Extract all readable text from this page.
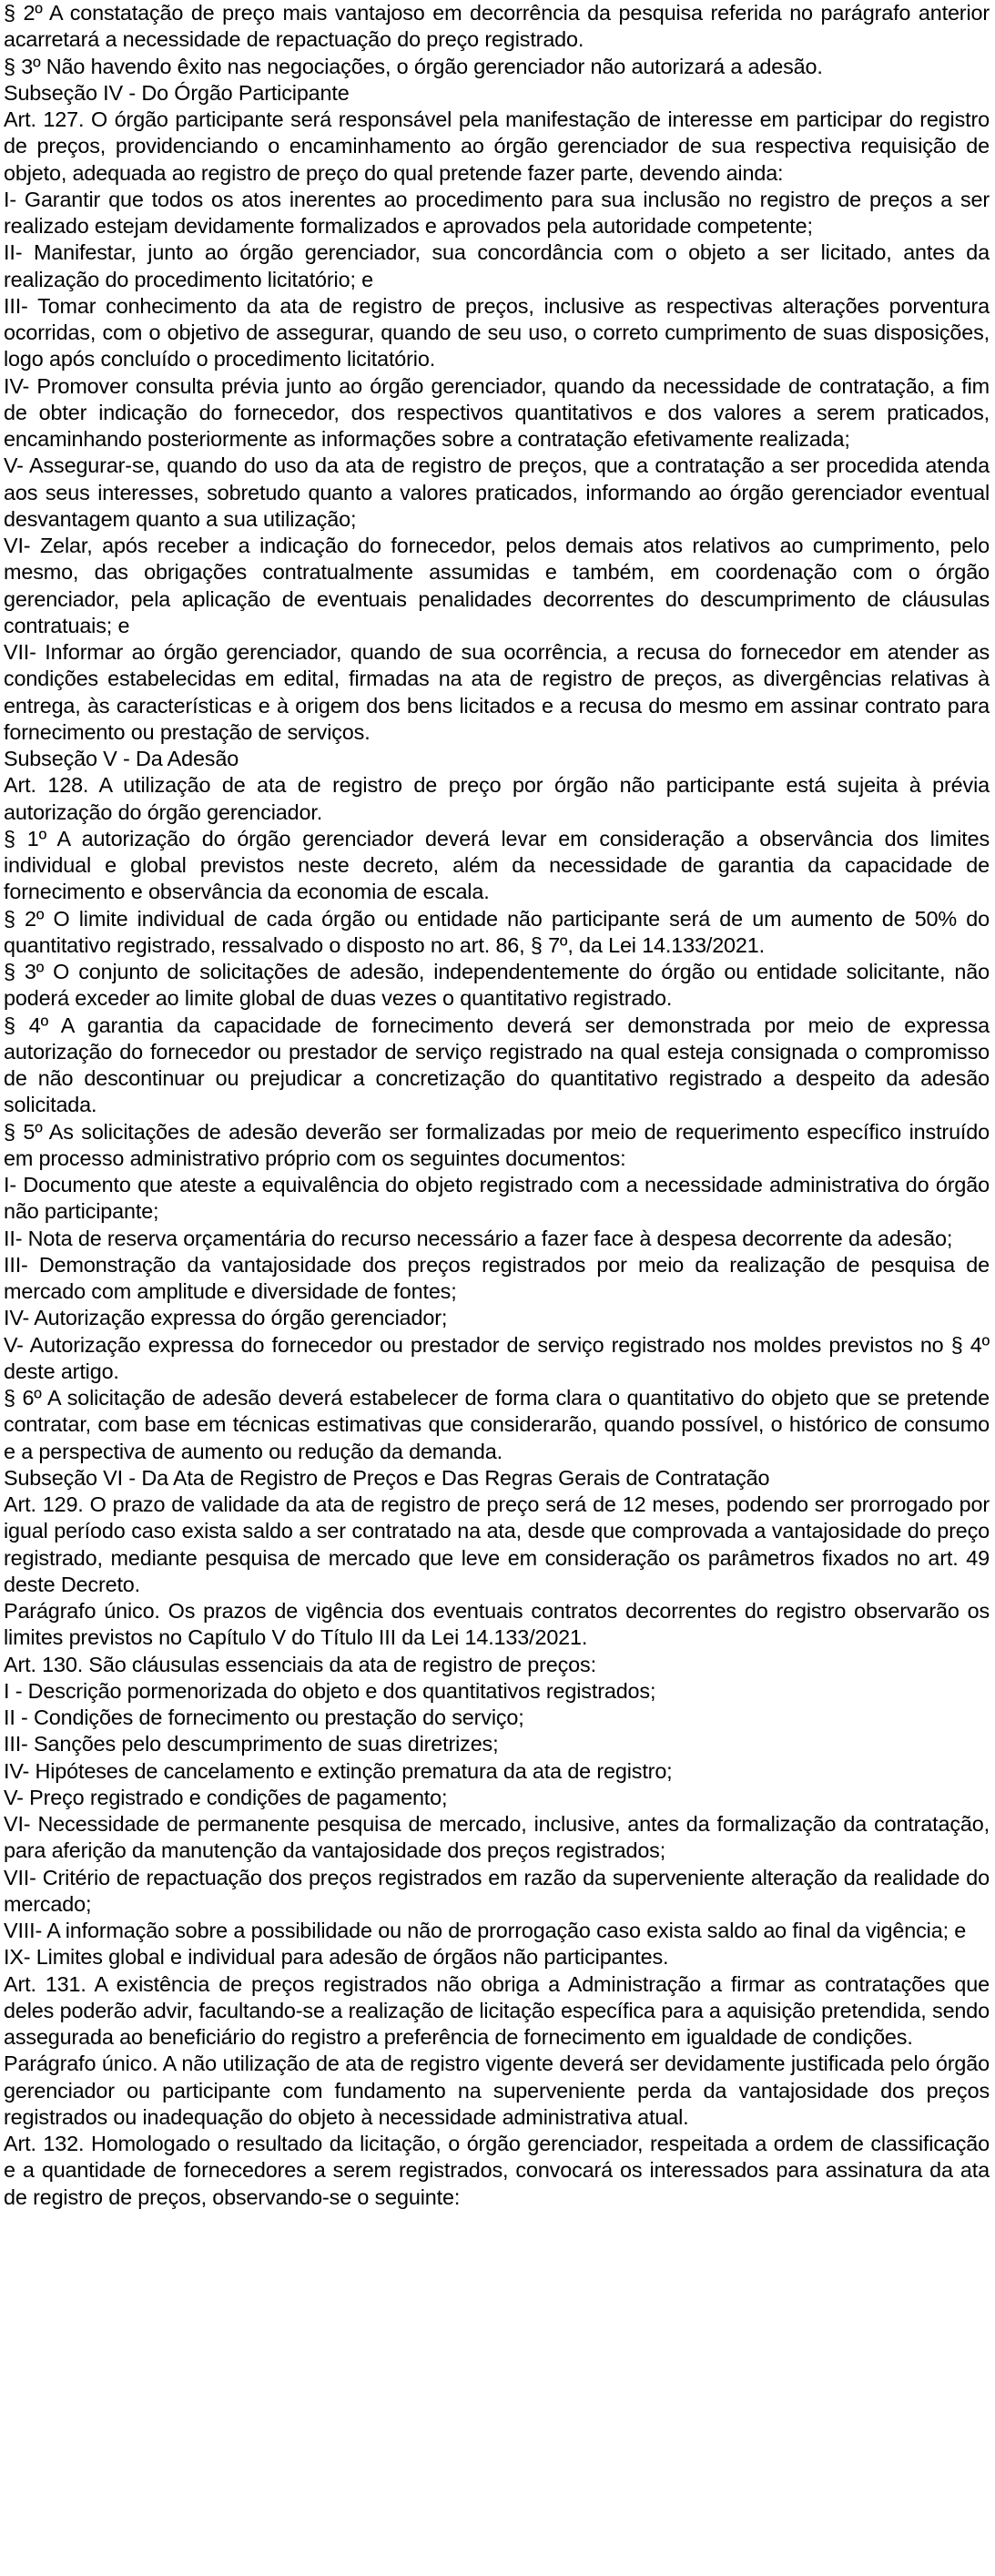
§ 2º A constatação de preço mais vantajoso em decorrência da pesquisa referida no parágrafo anterior acarretará a necessidade de repactuação do preço registrado.

§ 3º Não havendo êxito nas negociações, o órgão gerenciador não autorizará a adesão.

Subseção IV - Do Órgão Participante

Art. 127. O órgão participante será responsável pela manifestação de interesse em participar do registro de preços, providenciando o encaminhamento ao órgão gerenciador de sua respectiva requisição de objeto, adequada ao registro de preço do qual pretende fazer parte, devendo ainda:

I- Garantir que todos os atos inerentes ao procedimento para sua inclusão no registro de preços a ser realizado estejam devidamente formalizados e aprovados pela autoridade competente;

II- Manifestar, junto ao órgão gerenciador, sua concordância com o objeto a ser licitado, antes da realização do procedimento licitatório; e

III- Tomar conhecimento da ata de registro de preços, inclusive as respectivas alterações porventura ocorridas, com o objetivo de assegurar, quando de seu uso, o correto cumprimento de suas disposições, logo após concluído o procedimento licitatório.

IV- Promover consulta prévia junto ao órgão gerenciador, quando da necessidade de contratação, a fim de obter indicação do fornecedor, dos respectivos quantitativos e dos valores a serem praticados, encaminhando posteriormente as informações sobre a contratação efetivamente realizada;

V- Assegurar-se, quando do uso da ata de registro de preços, que a contratação a ser procedida atenda aos seus interesses, sobretudo quanto a valores praticados, informando ao órgão gerenciador eventual desvantagem quanto a sua utilização;

VI- Zelar, após receber a indicação do fornecedor, pelos demais atos relativos ao cumprimento, pelo mesmo, das obrigações contratualmente assumidas e também, em coordenação com o órgão gerenciador, pela aplicação de eventuais penalidades decorrentes do descumprimento de cláusulas contratuais; e

VII- Informar ao órgão gerenciador, quando de sua ocorrência, a recusa do fornecedor em atender as condições estabelecidas em edital, firmadas na ata de registro de preços, as divergências relativas à entrega, às características e à origem dos bens licitados e a recusa do mesmo em assinar contrato para fornecimento ou prestação de serviços.

Subseção V - Da Adesão

Art. 128. A utilização de ata de registro de preço por órgão não participante está sujeita à prévia autorização do órgão gerenciador.

§ 1º A autorização do órgão gerenciador deverá levar em consideração a observância dos limites individual e global previstos neste decreto, além da necessidade de garantia da capacidade de fornecimento e observância da economia de escala.

§ 2º O limite individual de cada órgão ou entidade não participante será de um aumento de 50% do quantitativo registrado, ressalvado o disposto no art. 86, § 7º, da Lei 14.133/2021.

§ 3º O conjunto de solicitações de adesão, independentemente do órgão ou entidade solicitante, não poderá exceder ao limite global de duas vezes o quantitativo registrado.

§ 4º A garantia da capacidade de fornecimento deverá ser demonstrada por meio de expressa autorização do fornecedor ou prestador de serviço registrado na qual esteja consignada o compromisso de não descontinuar ou prejudicar a concretização do quantitativo registrado a despeito da adesão solicitada.

§ 5º As solicitações de adesão deverão ser formalizadas por meio de requerimento específico instruído em processo administrativo próprio com os seguintes documentos:

I- Documento que ateste a equivalência do objeto registrado com a necessidade administrativa do órgão não participante;

II- Nota de reserva orçamentária do recurso necessário a fazer face à despesa decorrente da adesão;

III- Demonstração da vantajosidade dos preços registrados por meio da realização de pesquisa de mercado com amplitude e diversidade de fontes;

IV- Autorização expressa do órgão gerenciador;

V- Autorização expressa do fornecedor ou prestador de serviço registrado nos moldes previstos no § 4º deste artigo.

§ 6º A solicitação de adesão deverá estabelecer de forma clara o quantitativo do objeto que se pretende contratar, com base em técnicas estimativas que considerarão, quando possível, o histórico de consumo e a perspectiva de aumento ou redução da demanda.

Subseção VI - Da Ata de Registro de Preços e Das Regras Gerais de Contratação

Art. 129. O prazo de validade da ata de registro de preço será de 12 meses, podendo ser prorrogado por igual período caso exista saldo a ser contratado na ata, desde que comprovada a vantajosidade do preço registrado, mediante pesquisa de mercado que leve em consideração os parâmetros fixados no art. 49 deste Decreto.

Parágrafo único. Os prazos de vigência dos eventuais contratos decorrentes do registro observarão os limites previstos no Capítulo V do Título III da Lei 14.133/2021.

Art. 130. São cláusulas essenciais da ata de registro de preços:

I - Descrição pormenorizada do objeto e dos quantitativos registrados;

II - Condições de fornecimento ou prestação do serviço;

III- Sanções pelo descumprimento de suas diretrizes;

IV- Hipóteses de cancelamento e extinção prematura da ata de registro;

V- Preço registrado e condições de pagamento;

VI- Necessidade de permanente pesquisa de mercado, inclusive, antes da formalização da contratação, para aferição da manutenção da vantajosidade dos preços registrados;

VII- Critério de repactuação dos preços registrados em razão da superveniente alteração da realidade do mercado;

VIII- A informação sobre a possibilidade ou não de prorrogação caso exista saldo ao final da vigência; e

IX- Limites global e individual para adesão de órgãos não participantes.

Art. 131. A existência de preços registrados não obriga a Administração a firmar as contratações que deles poderão advir, facultando-se a realização de licitação específica para a aquisição pretendida, sendo assegurada ao beneficiário do registro a preferência de fornecimento em igualdade de condições.

Parágrafo único. A não utilização de ata de registro vigente deverá ser devidamente justificada pelo órgão gerenciador ou participante com fundamento na superveniente perda da vantajosidade dos preços registrados ou inadequação do objeto à necessidade administrativa atual.

Art. 132. Homologado o resultado da licitação, o órgão gerenciador, respeitada a ordem de classificação e a quantidade de fornecedores a serem registrados, convocará os interessados para assinatura da ata de registro de preços, observando-se o seguinte:
